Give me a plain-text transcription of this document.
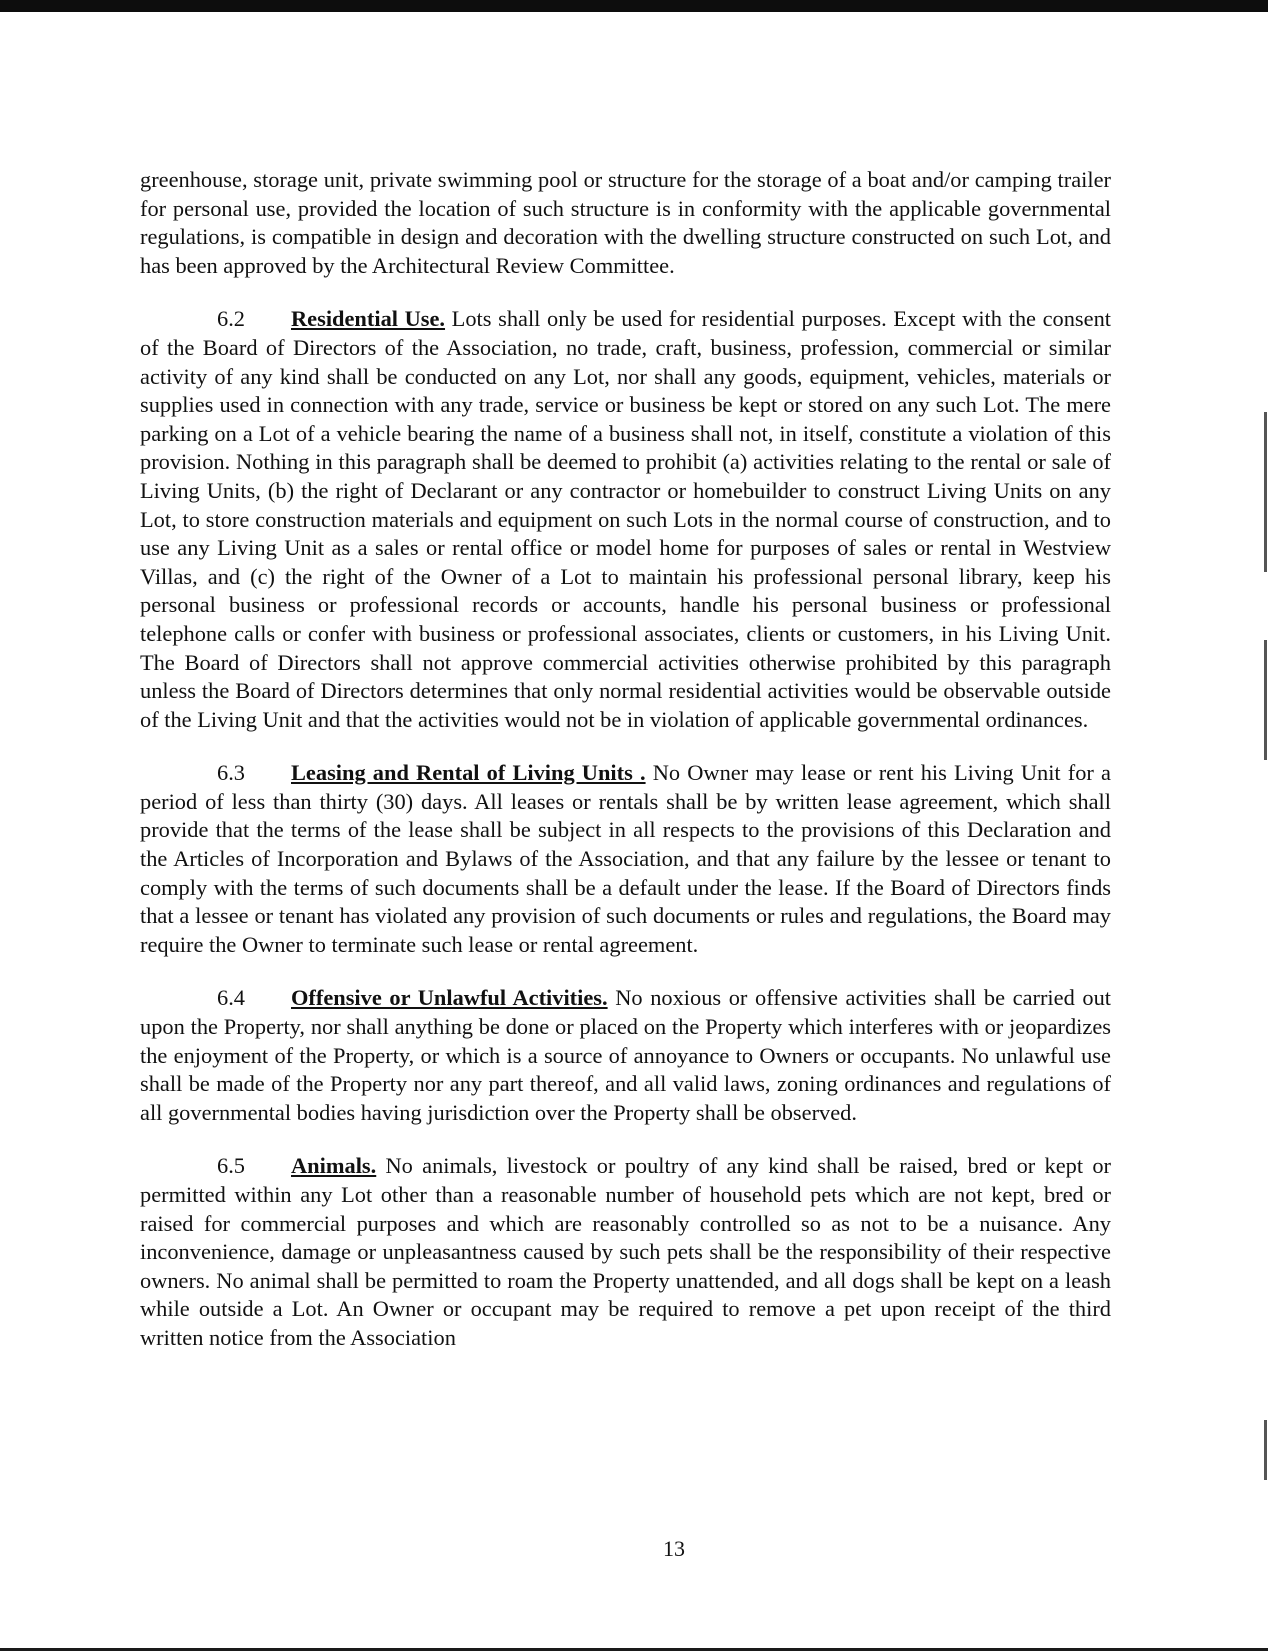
greenhouse, storage unit, private swimming pool or structure for the storage of a boat and/or camping trailer for personal use, provided the location of such structure is in conformity with the applicable governmental regulations, is compatible in design and decoration with the dwelling structure constructed on such Lot, and has been approved by the Architectural Review Committee.

6.2 Residential Use. Lots shall only be used for residential purposes. Except with the consent of the Board of Directors of the Association, no trade, craft, business, profession, commercial or similar activity of any kind shall be conducted on any Lot, nor shall any goods, equipment, vehicles, materials or supplies used in connection with any trade, service or business be kept or stored on any such Lot. The mere parking on a Lot of a vehicle bearing the name of a business shall not, in itself, constitute a violation of this provision. Nothing in this paragraph shall be deemed to prohibit (a) activities relating to the rental or sale of Living Units, (b) the right of Declarant or any contractor or homebuilder to construct Living Units on any Lot, to store construction materials and equipment on such Lots in the normal course of construction, and to use any Living Unit as a sales or rental office or model home for purposes of sales or rental in Westview Villas, and (c) the right of the Owner of a Lot to maintain his professional personal library, keep his personal business or professional records or accounts, handle his personal business or professional telephone calls or confer with business or professional associates, clients or customers, in his Living Unit. The Board of Directors shall not approve commercial activities otherwise prohibited by this paragraph unless the Board of Directors determines that only normal residential activities would be observable outside of the Living Unit and that the activities would not be in violation of applicable governmental ordinances.

6.3 Leasing and Rental of Living Units . No Owner may lease or rent his Living Unit for a period of less than thirty (30) days. All leases or rentals shall be by written lease agreement, which shall provide that the terms of the lease shall be subject in all respects to the provisions of this Declaration and the Articles of Incorporation and Bylaws of the Association, and that any failure by the lessee or tenant to comply with the terms of such documents shall be a default under the lease. If the Board of Directors finds that a lessee or tenant has violated any provision of such documents or rules and regulations, the Board may require the Owner to terminate such lease or rental agreement.

6.4 Offensive or Unlawful Activities. No noxious or offensive activities shall be carried out upon the Property, nor shall anything be done or placed on the Property which interferes with or jeopardizes the enjoyment of the Property, or which is a source of annoyance to Owners or occupants. No unlawful use shall be made of the Property nor any part thereof, and all valid laws, zoning ordinances and regulations of all governmental bodies having jurisdiction over the Property shall be observed.

6.5 Animals. No animals, livestock or poultry of any kind shall be raised, bred or kept or permitted within any Lot other than a reasonable number of household pets which are not kept, bred or raised for commercial purposes and which are reasonably controlled so as not to be a nuisance. Any inconvenience, damage or unpleasantness caused by such pets shall be the responsibility of their respective owners. No animal shall be permitted to roam the Property unattended, and all dogs shall be kept on a leash while outside a Lot. An Owner or occupant may be required to remove a pet upon receipt of the third written notice from the Association

13
